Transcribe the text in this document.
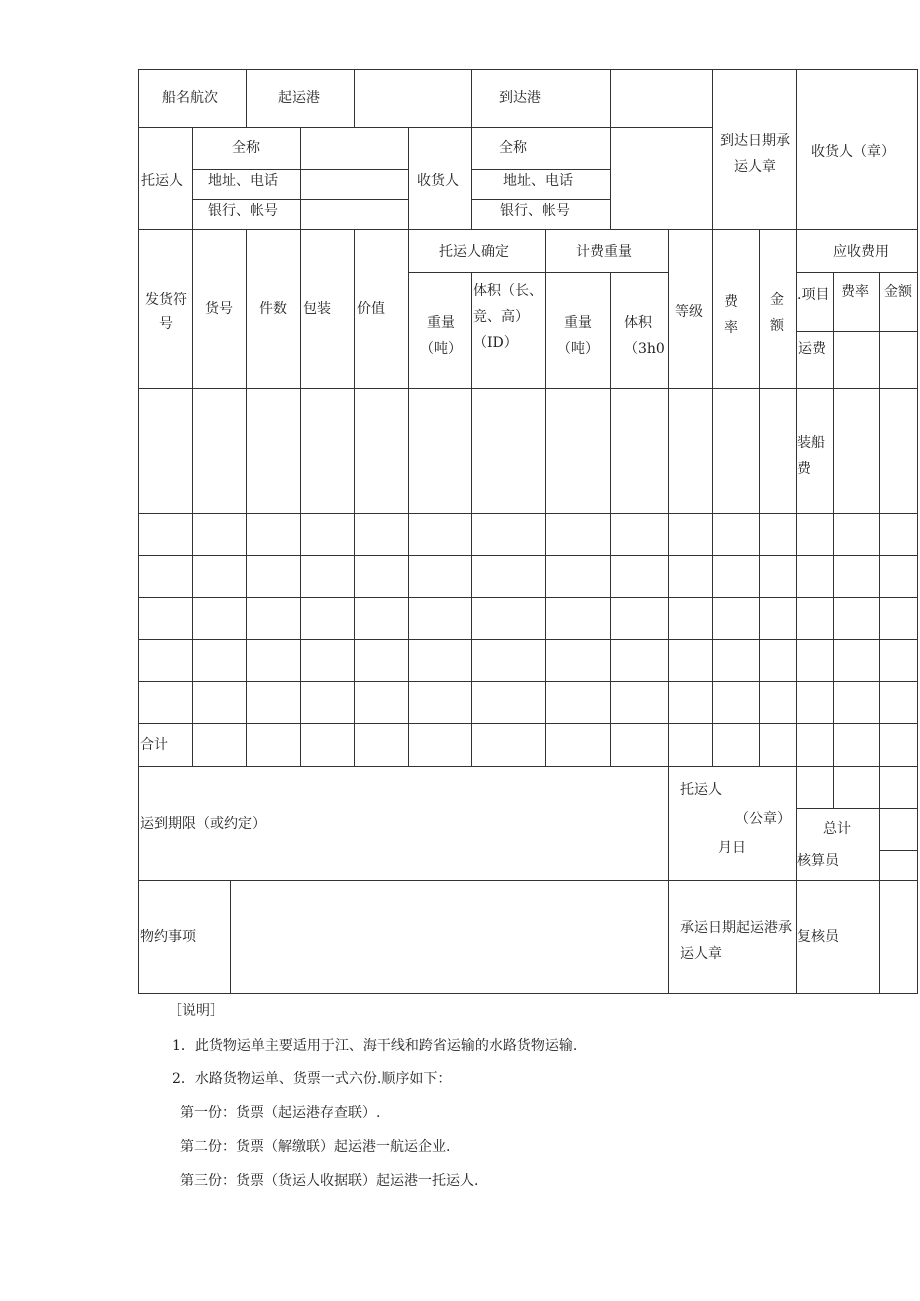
船名航次	起运港	到达港
到达日期承运人章
收货人（章）
托运人
全称
地址、电话
银行、帐号
收货人
全称
地址、电话
银行、帐号
发货符号
货号 件数 包装 价值
托运人确定
重量（吨）
体积（长、竞、高）（ID）
计费重量
重量（吨）
体积（3h0
等级
费率
金额
应收费用
.项目 费率 金额
运费
装船费
合计
运到期限（或约定）
托运人
（公章）
月日
总计
核算员
物约事项
承运日期起运港承运人章
复核员
［说明］
1．此货物运单主要适用于江、海干线和跨省运输的水路货物运输.
2．水路货物运单、货票一式六份.顺序如下：
第一份：货票（起运港存查联）.
第二份：货票（解缴联）起运港一航运企业.
第三份：货票（货运人收据联）起运港一托运人.
